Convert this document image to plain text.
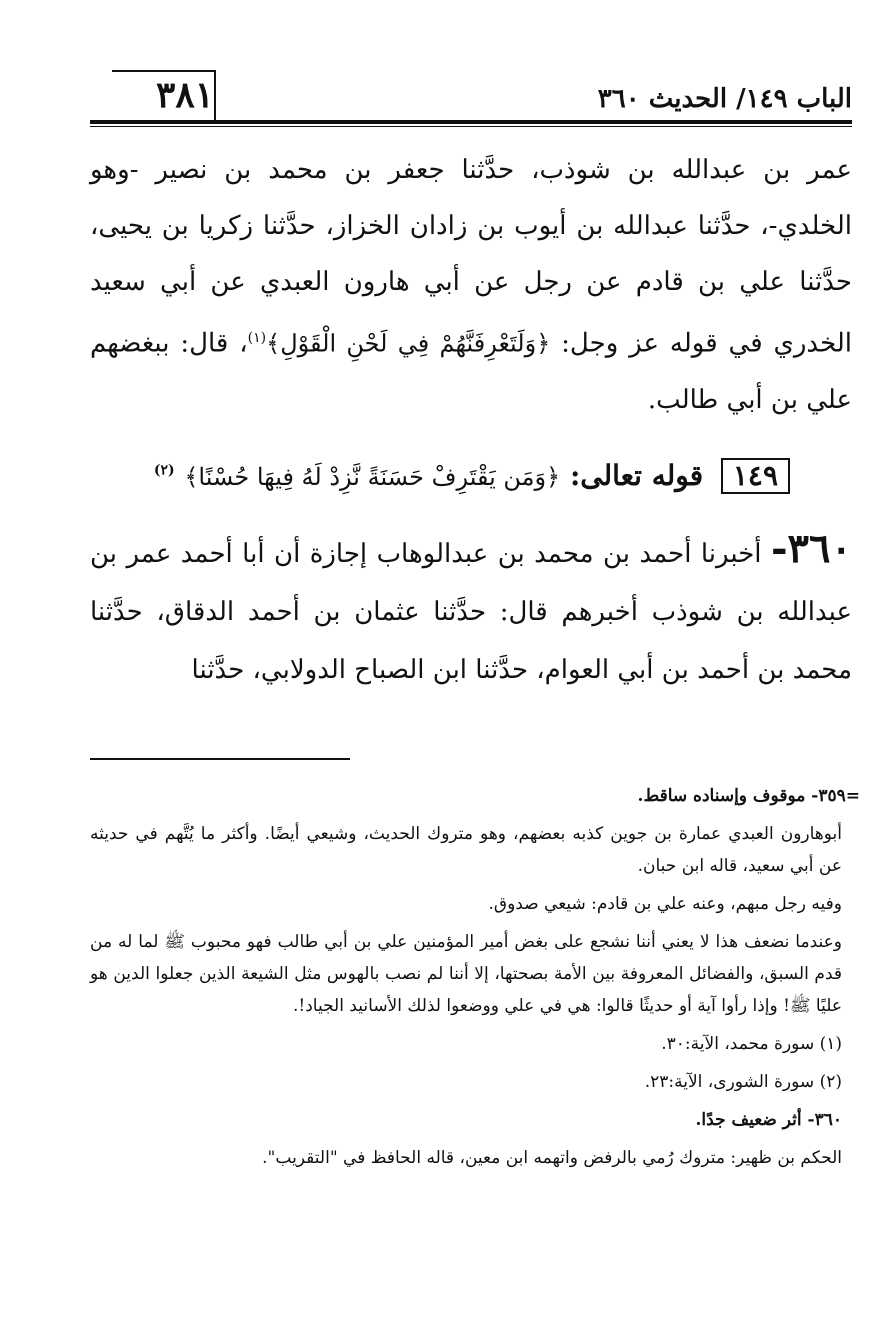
٣٨١	الباب ١٤٩/ الحديث ٣٦٠

عمر بن عبدالله بن شوذب، حدَّثنا جعفر بن محمد بن نصير -وهو الخلدي-، حدَّثنا عبدالله بن أيوب بن زادان الخزاز، حدَّثنا زكريا بن يحيى، حدَّثنا علي بن قادم عن رجل عن أبي هارون العبدي عن أبي سعيد الخدري في قوله عز وجل: ﴿وَلَتَعْرِفَنَّهُمْ فِي لَحْنِ الْقَوْلِ﴾$^{(١)}$، قال: ببغضهم علي بن أبي طالب.

١٤٩ قوله تعالى: ﴿وَمَن يَقْتَرِفْ حَسَنَةً نَّزِدْ لَهُ فِيهَا حُسْنًا﴾ $^{(٢)}$
٣٦٠- أخبرنا أحمد بن محمد بن عبدالوهاب إجازة أن أبا أحمد عمر بن عبدالله بن شوذب أخبرهم قال: حدَّثنا عثمان بن أحمد الدقاق، حدَّثنا محمد بن أحمد بن أبي العوام، حدَّثنا ابن الصباح الدولابي، حدَّثنا

=٣٥٩- موقوف وإسناده ساقط.

أبوهارون العبدي عمارة بن جوين كذبه بعضهم، وهو متروك الحديث، وشيعي أيضًا. وأكثر ما يُتَّهم في حديثه عن أبي سعيد، قاله ابن حبان.

وفيه رجل مبهم، وعنه علي بن قادم: شيعي صدوق.

وعندما نضعف هذا لا يعني أننا نشجع على بغض أمير المؤمنين علي بن أبي طالب فهو محبوب ﷺ لما له من قدم السبق، والفضائل المعروفة بين الأمة بصحتها، إلا أننا لم نصب بالهوس مثل الشيعة الذين جعلوا الدين هو عليًا ﷺ! وإذا رأوا آية أو حديثًا قالوا: هي في علي ووضعوا لذلك الأسانيد الجياد!.

(١) سورة محمد، الآية:٣٠.

(٢) سورة الشورى، الآية:٢٣.

٣٦٠- أثر ضعيف جدًا.

الحكم بن ظهير: متروك رُمي بالرفض واتهمه ابن معين، قاله الحافظ في "التقريب".
